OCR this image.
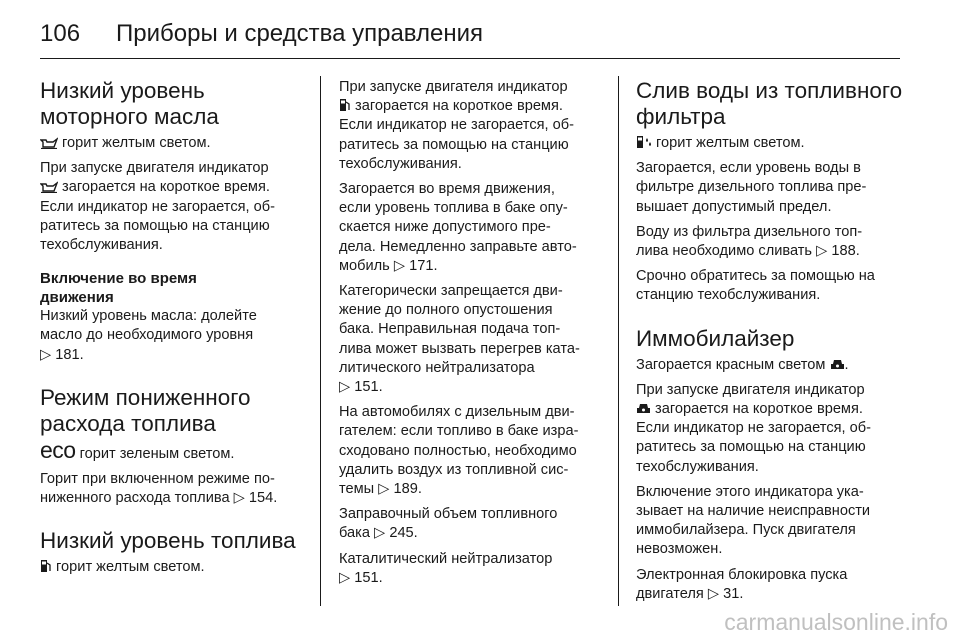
106 Приборы и средства управления
Низкий уровень
моторного масла
горит желтым светом.
При запуске двигателя индикатор
загорается на короткое время.
Если индикатор не загорается, об-
ратитесь за помощью на станцию
техобслуживания.
Включение во время
движения
Низкий уровень масла: долейте
масло до необходимого уровня
▷ 181.
Режим пониженного
расхода топлива
eco горит зеленым светом.
Горит при включенном режиме по-
ниженного расхода топлива ▷ 154.
Низкий уровень топлива
горит желтым светом.
При запуске двигателя индикатор
загорается на короткое время.
Если индикатор не загорается, об-
ратитесь за помощью на станцию
техобслуживания.
Загорается во время движения,
если уровень топлива в баке опу-
скается ниже допустимого пре-
дела. Немедленно заправьте авто-
мобиль ▷ 171.
Категорически запрещается дви-
жение до полного опустошения
бака. Неправильная подача топ-
лива может вызвать перегрев ката-
литического нейтрализатора
▷ 151.
На автомобилях с дизельным дви-
гателем: если топливо в баке изра-
сходовано полностью, необходимо
удалить воздух из топливной сис-
темы ▷ 189.
Заправочный объем топливного
бака ▷ 245.
Каталитический нейтрализатор
▷ 151.
Слив воды из топливного
фильтра
горит желтым светом.
Загорается, если уровень воды в
фильтре дизельного топлива пре-
вышает допустимый предел.
Воду из фильтра дизельного топ-
лива необходимо сливать ▷ 188.
Срочно обратитесь за помощью на
станцию техобслуживания.
Иммобилайзер
Загорается красным светом .
При запуске двигателя индикатор
загорается на короткое время.
Если индикатор не загорается, об-
ратитесь за помощью на станцию
техобслуживания.
Включение этого индикатора ука-
зывает на наличие неисправности
иммобилайзера. Пуск двигателя
невозможен.
Электронная блокировка пуска
двигателя ▷ 31.
carmanualsonline.info
